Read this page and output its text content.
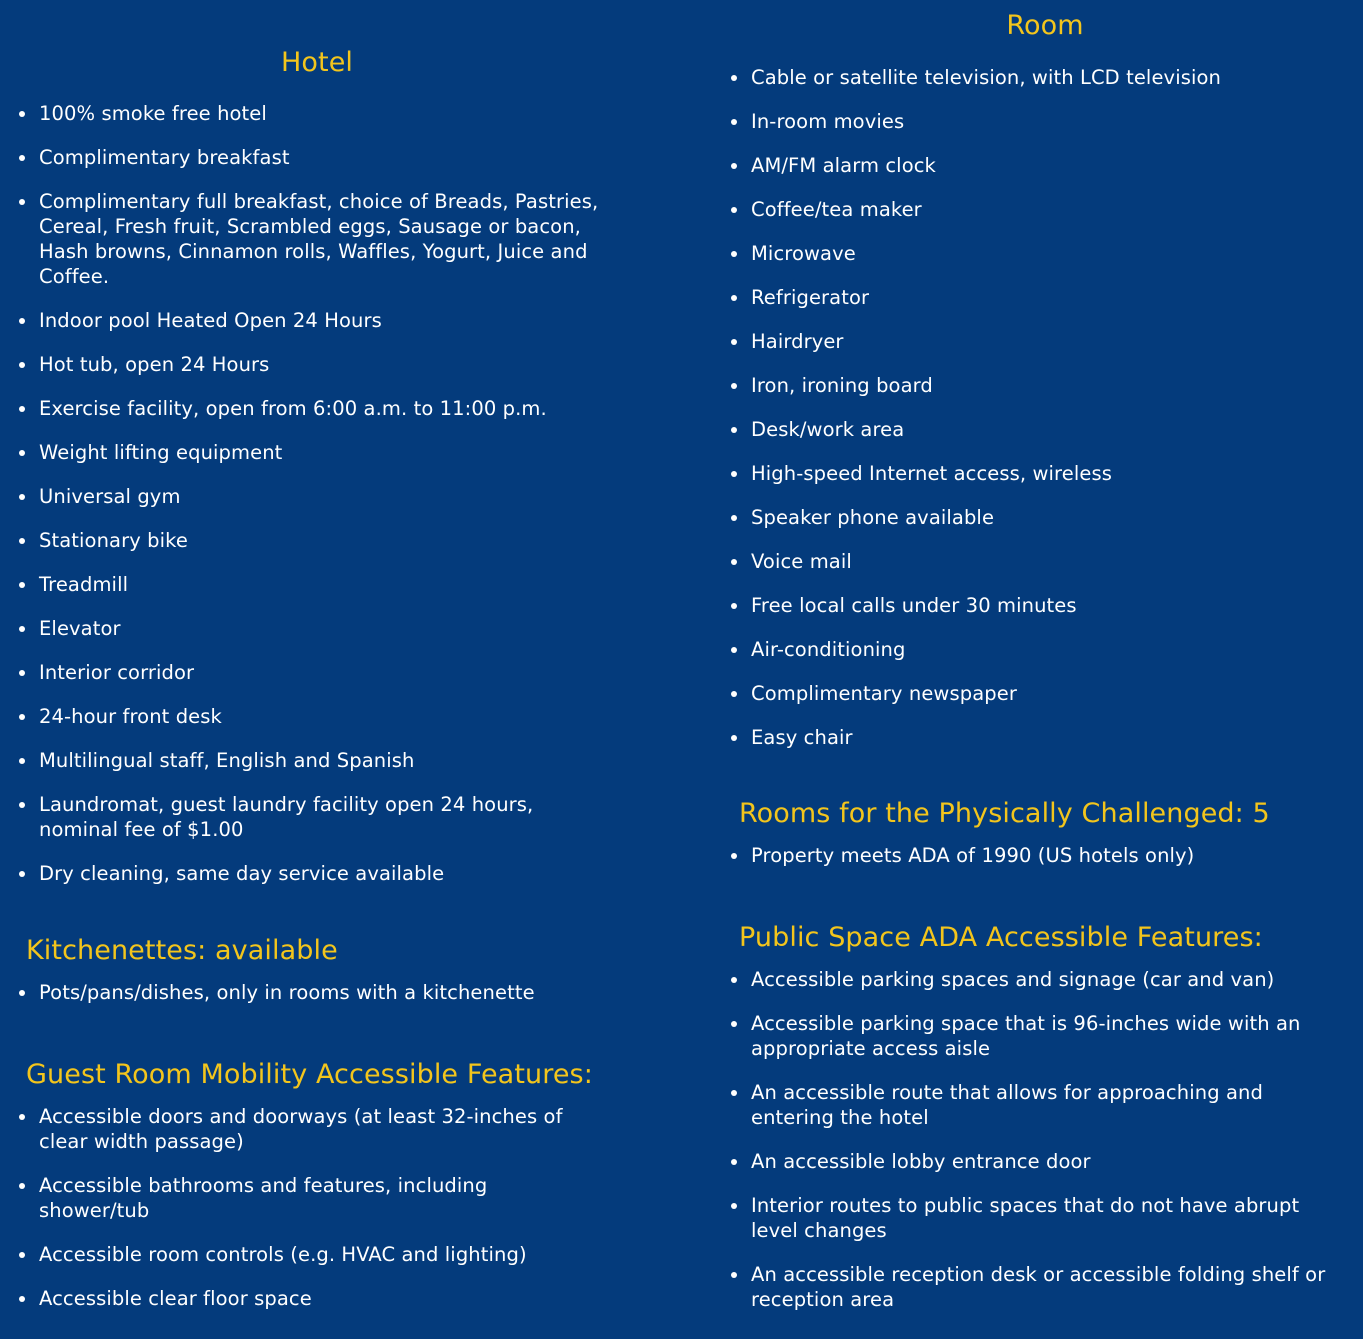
Hotel
100% smoke free hotel
Complimentary breakfast
Complimentary full breakfast, choice of Breads, Pastries, Cereal, Fresh fruit, Scrambled eggs, Sausage or bacon, Hash browns, Cinnamon rolls, Waffles, Yogurt, Juice and Coffee.
Indoor pool Heated Open 24 Hours
Hot tub, open 24 Hours
Exercise facility, open from 6:00 a.m. to 11:00 p.m.
Weight lifting equipment
Universal gym
Stationary bike
Treadmill
Elevator
Interior corridor
24-hour front desk
Multilingual staff, English and Spanish
Laundromat, guest laundry facility open 24 hours, nominal fee of $1.00
Dry cleaning, same day service available
Kitchenettes: available
Pots/pans/dishes, only in rooms with a kitchenette
Guest Room Mobility Accessible Features:
Accessible doors and doorways (at least 32-inches of clear width passage)
Accessible bathrooms and features, including shower/tub
Accessible room controls (e.g. HVAC and lighting)
Accessible clear floor space
Room
Cable or satellite television, with LCD television
In-room movies
AM/FM alarm clock
Coffee/tea maker
Microwave
Refrigerator
Hairdryer
Iron, ironing board
Desk/work area
High-speed Internet access, wireless
Speaker phone available
Voice mail
Free local calls under 30 minutes
Air-conditioning
Complimentary newspaper
Easy chair
Rooms for the Physically Challenged: 5
Property meets ADA of 1990 (US hotels only)
Public Space ADA Accessible Features:
Accessible parking spaces and signage (car and van)
Accessible parking space that is 96-inches wide with an appropriate access aisle
An accessible route that allows for approaching and entering the hotel
An accessible lobby entrance door
Interior routes to public spaces that do not have abrupt level changes
An accessible reception desk or accessible folding shelf or reception area
